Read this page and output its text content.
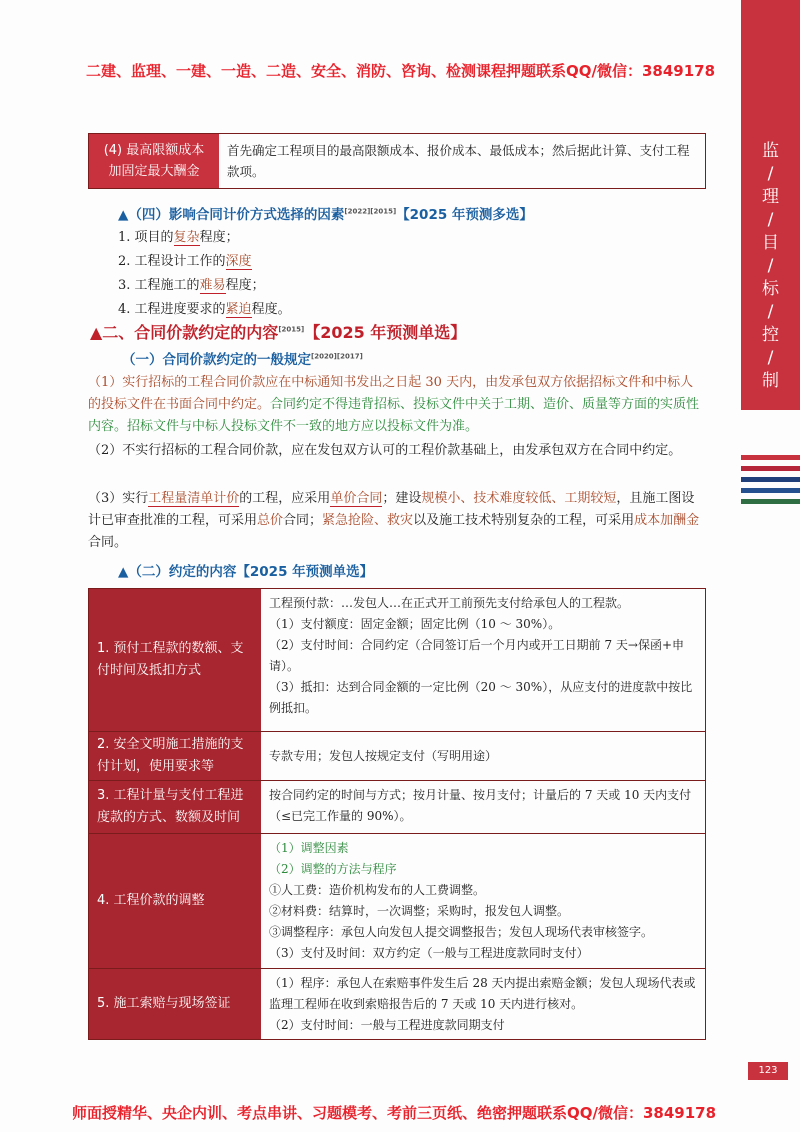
二建、监理、一建、一造、二造、安全、消防、咨询、检测课程押题联系QQ/微信：3849178
监
/
理
/
目
/
标
/
控
/
制
(4) 最高限额成本
加固定最大酬金
首先确定工程项目的最高限额成本、报价成本、最低成本；然后据此计算、支付工程款项。
▲（四）影响合同计价方式选择的因素[2022][2015]【2025 年预测多选】
1. 项目的复杂程度；
2. 工程设计工作的深度
3. 工程施工的难易程度；
4. 工程进度要求的紧迫程度。
▲二、合同价款约定的内容[2015]【2025 年预测单选】
（一）合同价款约定的一般规定[2020][2017]
（1）实行招标的工程合同价款应在中标通知书发出之日起 30 天内，由发承包双方依据招标文件和中标人的投标文件在书面合同中约定。合同约定不得违背招标、投标文件中关于工期、造价、质量等方面的实质性内容。招标文件与中标人投标文件不一致的地方应以投标文件为准。
（2）不实行招标的工程合同价款，应在发包双方认可的工程价款基础上，由发承包双方在合同中约定。
（3）实行工程量清单计价的工程，应采用单价合同；建设规模小、技术难度较低、工期较短，且施工图设计已审查批准的工程，可采用总价合同；紧急抢险、救灾以及施工技术特别复杂的工程，可采用成本加酬金合同。
▲（二）约定的内容【2025 年预测单选】
1. 预付工程款的数额、支付时间及抵扣方式
工程预付款：…发包人…在正式开工前预先支付给承包人的工程款。
（1）支付额度：固定金额；固定比例（10 ～ 30%）。
（2）支付时间：合同约定（合同签订后一个月内或开工日期前 7 天→保函+申请）。
（3）抵扣：达到合同金额的一定比例（20 ～ 30%），从应支付的进度款中按比例抵扣。
2. 安全文明施工措施的支付计划，使用要求等
专款专用；发包人按规定支付（写明用途）
3. 工程计量与支付工程进度款的方式、数额及时间
按合同约定的时间与方式；按月计量、按月支付；计量后的 7 天或 10 天内支付（≤已完工作量的 90%）。
4. 工程价款的调整
（1）调整因素
（2）调整的方法与程序
①人工费：造价机构发布的人工费调整。
②材料费：结算时，一次调整；采购时，报发包人调整。
③调整程序：承包人向发包人提交调整报告；发包人现场代表审核签字。
（3）支付及时间：双方约定（一般与工程进度款同时支付）
5. 施工索赔与现场签证
（1）程序：承包人在索赔事件发生后 28 天内提出索赔金额；发包人现场代表或监理工程师在收到索赔报告后的 7 天或 10 天内进行核对。
（2）支付时间：一般与工程进度款同期支付
123
师面授精华、央企内训、考点串讲、习题模考、考前三页纸、绝密押题联系QQ/微信：3849178
